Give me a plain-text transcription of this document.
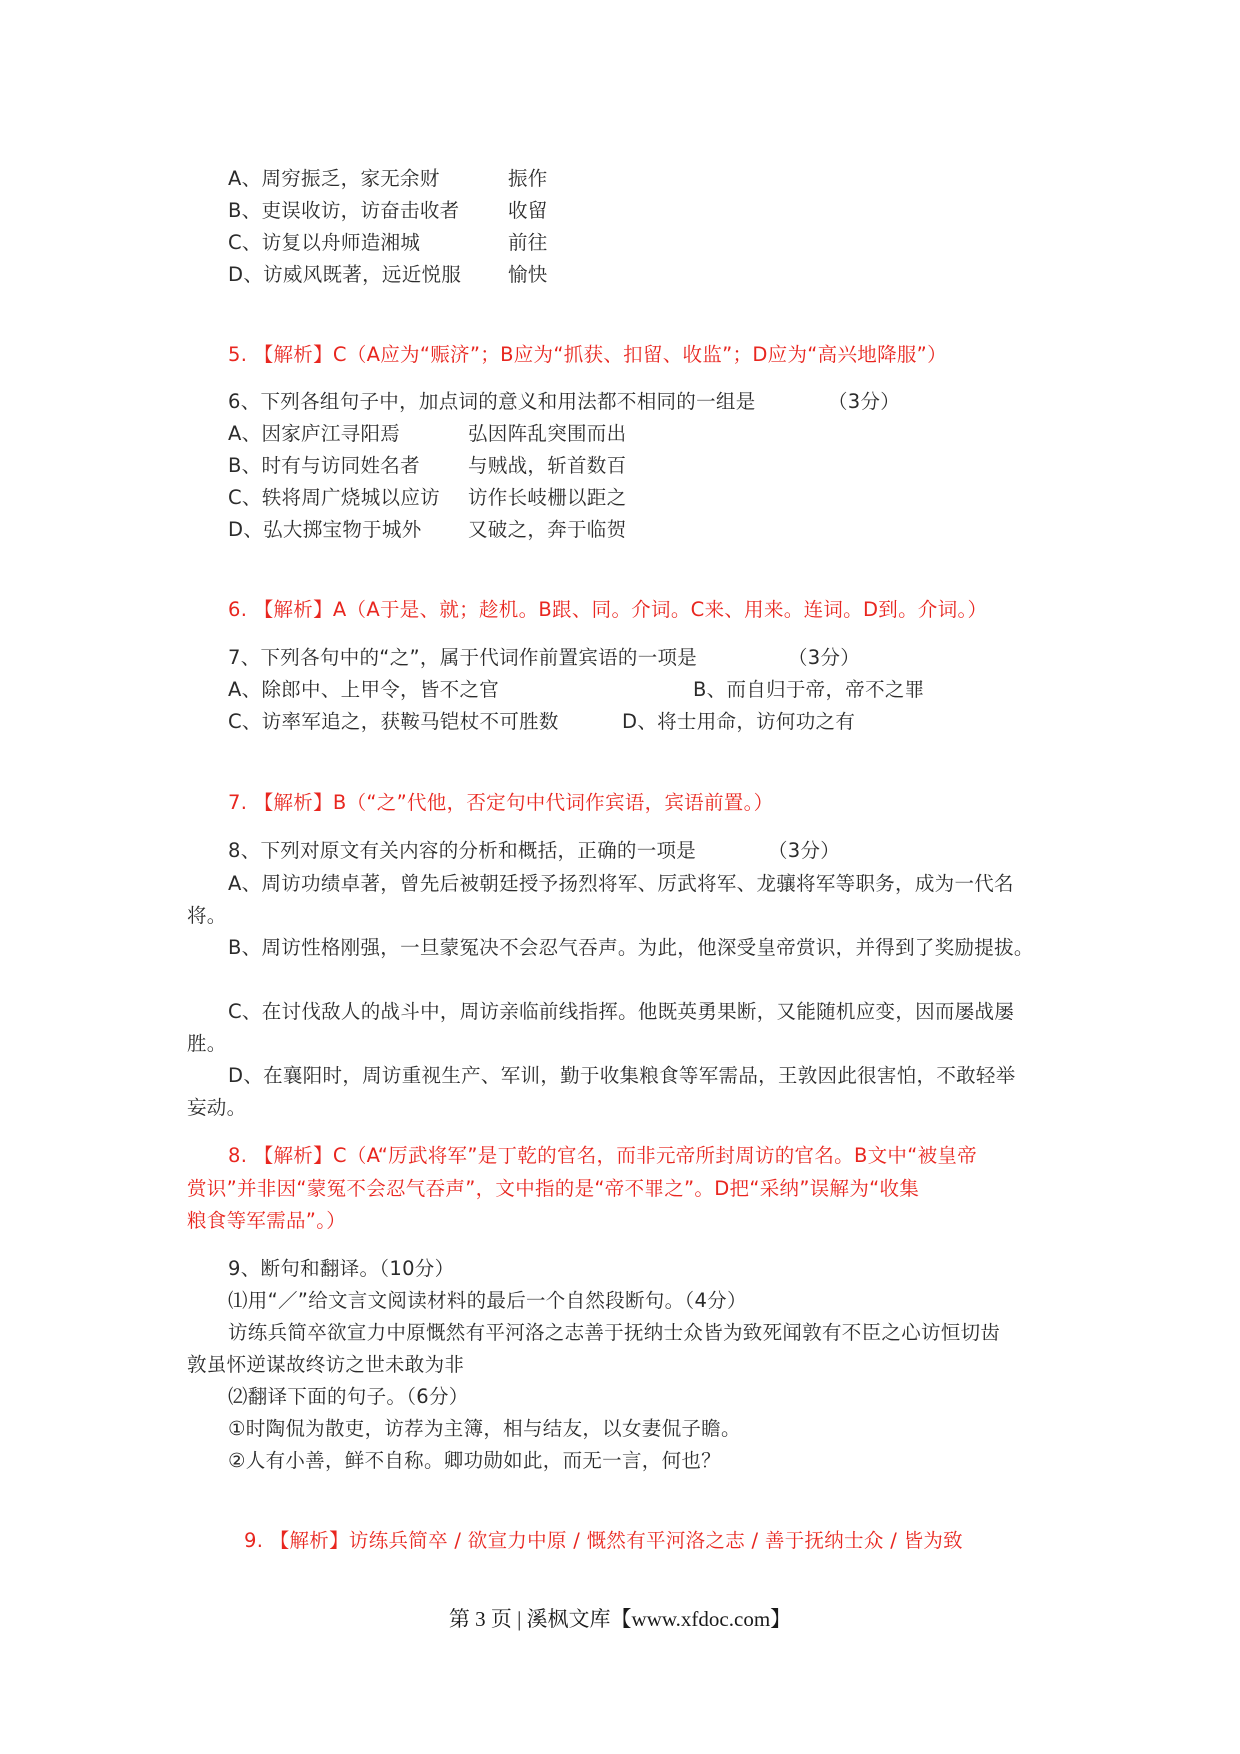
A、周穷振乏，家无余财	振作
B、吏误收访，访奋击收者 收留
C、访复以舟师造湘城	前往
D、访威风既著，远近悦服 愉快
5. 【解析】C（A应为“赈济”；B应为“抓获、扣留、收监”；D应为“高兴地降服”）
6、下列各组句子中，加点词的意义和用法都不相同的一组是	（3分）
A、因家庐江寻阳焉	弘因阵乱突围而出
B、时有与访同姓名者 与贼战，斩首数百
C、轶将周广烧城以应访 访作长岐栅以距之
D、弘大掷宝物于城外 又破之，奔于临贺
6. 【解析】A（A于是、就；趁机。B跟、同。介词。C来、用来。连词。D到。介词。）
7、下列各句中的“之”，属于代词作前置宾语的一项是	（3分）
A、除郎中、上甲令，皆不之官	B、而自归于帝，帝不之罪
C、访率军追之，获鞍马铠杖不可胜数	D、将士用命，访何功之有
7. 【解析】B（“之”代他，否定句中代词作宾语，宾语前置。）
8、下列对原文有关内容的分析和概括，正确的一项是	（3分）
A、周访功绩卓著，曾先后被朝廷授予扬烈将军、厉武将军、龙骧将军等职务，成为一代名
将。
B、周访性格刚强，一旦蒙冤决不会忍气吞声。为此，他深受皇帝赏识，并得到了奖励提拔。
C、在讨伐敌人的战斗中，周访亲临前线指挥。他既英勇果断，又能随机应变，因而屡战屡
胜。
D、在襄阳时，周访重视生产、军训，勤于收集粮食等军需品，王敦因此很害怕，不敢轻举
妄动。
8. 【解析】C（A“厉武将军”是丁乾的官名，而非元帝所封周访的官名。B文中“被皇帝
赏识”并非因“蒙冤不会忍气吞声”，文中指的是“帝不罪之”。D把“采纳”误解为“收集
粮食等军需品”。）
9、断句和翻译。（10分）
⑴用“／”给文言文阅读材料的最后一个自然段断句。（4分）
访练兵简卒欲宣力中原慨然有平河洛之志善于抚纳士众皆为致死闻敦有不臣之心访恒切齿
敦虽怀逆谋故终访之世未敢为非
⑵翻译下面的句子。（6分）
①时陶侃为散吏，访荐为主簿，相与结友，以女妻侃子瞻。
②人有小善，鲜不自称。卿功勋如此，而无一言，何也？
9. 【解析】访练兵简卒 / 欲宣力中原 / 慨然有平河洛之志 / 善于抚纳士众 / 皆为致
第 3 页 | 溪枫文库【www.xfdoc.com】
